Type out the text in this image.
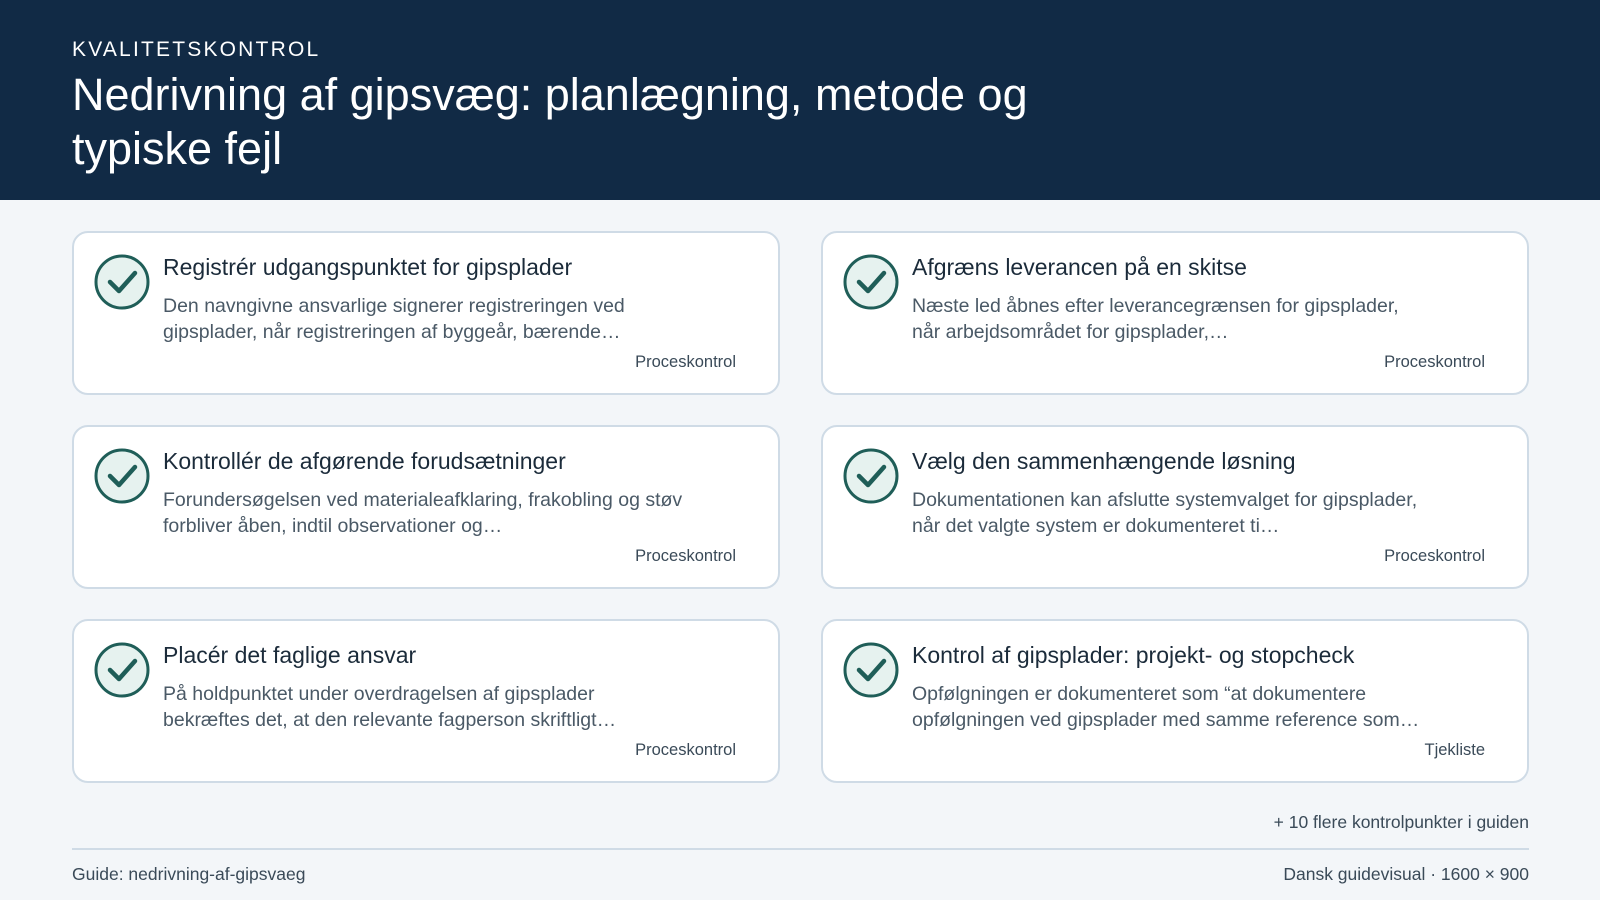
KVALITETSKONTROL
Nedrivning af gipsvæg: planlægning, metode og typiske fejl
Registrér udgangspunktet for gipsplader
Den navngivne ansvarlige signerer registreringen ved gipsplader, når registreringen af byggeår, bærende…
Proceskontrol
Afgræns leverancen på en skitse
Næste led åbnes efter leverancegrænsen for gipsplader, når arbejdsområdet for gipsplader,…
Proceskontrol
Kontrollér de afgørende forudsætninger
Forundersøgelsen ved materialeafklaring, frakobling og støv forbliver åben, indtil observationer og…
Proceskontrol
Vælg den sammenhængende løsning
Dokumentationen kan afslutte systemvalget for gipsplader, når det valgte system er dokumenteret ti…
Proceskontrol
Placér det faglige ansvar
På holdpunktet under overdragelsen af gipsplader bekræftes det, at den relevante fagperson skriftligt…
Proceskontrol
Kontrol af gipsplader: projekt- og stopcheck
Opfølgningen er dokumenteret som “at dokumentere opfølgningen ved gipsplader med samme reference som…
Tjekliste
+ 10 flere kontrolpunkter i guiden
Guide: nedrivning-af-gipsvaeg	Dansk guidevisual · 1600 × 900
